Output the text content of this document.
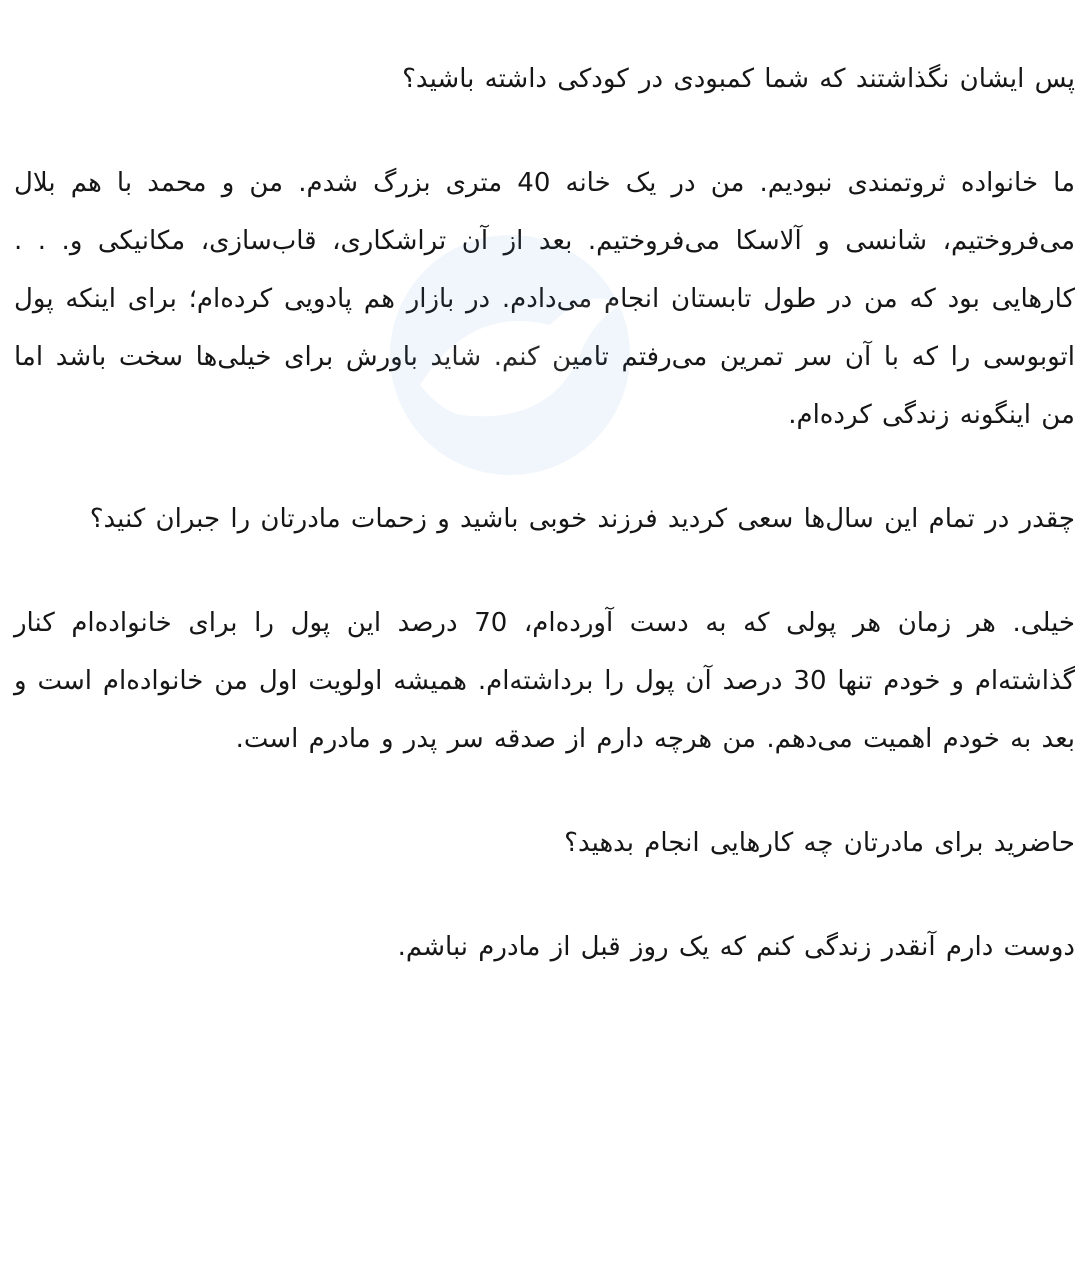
پس ایشان نگذاشتند که شما کمبودی در کودکی داشته باشید؟

ما خانواده ثروتمندی نبودیم. من در یک خانه 40 متری بزرگ شدم. من و محمد با هم بلال می‌فروختیم، شانسی و آلاسکا می‌فروختیم. بعد از آن تراشکاری، قاب‌سازی، مکانیکی و. . . کارهایی بود که من در طول تابستان انجام می‌دادم. در بازار هم پادویی کرده‌ام؛ برای اینکه پول اتوبوسی را که با آن سر تمرین می‌رفتم تامین کنم. شاید باورش برای خیلی‌ها سخت باشد اما من اینگونه زندگی کرده‌ام.

چقدر در تمام این سال‌ها سعی کردید فرزند خوبی باشید و زحمات مادرتان را جبران کنید؟

خیلی. هر زمان هر پولی که به دست آورده‌ام، 70 درصد این پول را برای خانواده‌ام کنار گذاشته‌ام و خودم تنها 30 درصد آن پول را برداشته‌ام. همیشه اولویت اول من خانواده‌ام است و بعد به خودم اهمیت می‌دهم. من هرچه دارم از صدقه سر پدر و مادرم است.

حاضرید برای مادرتان چه کارهایی انجام بدهید؟

دوست دارم آنقدر زندگی کنم که یک روز قبل از مادرم نباشم.
